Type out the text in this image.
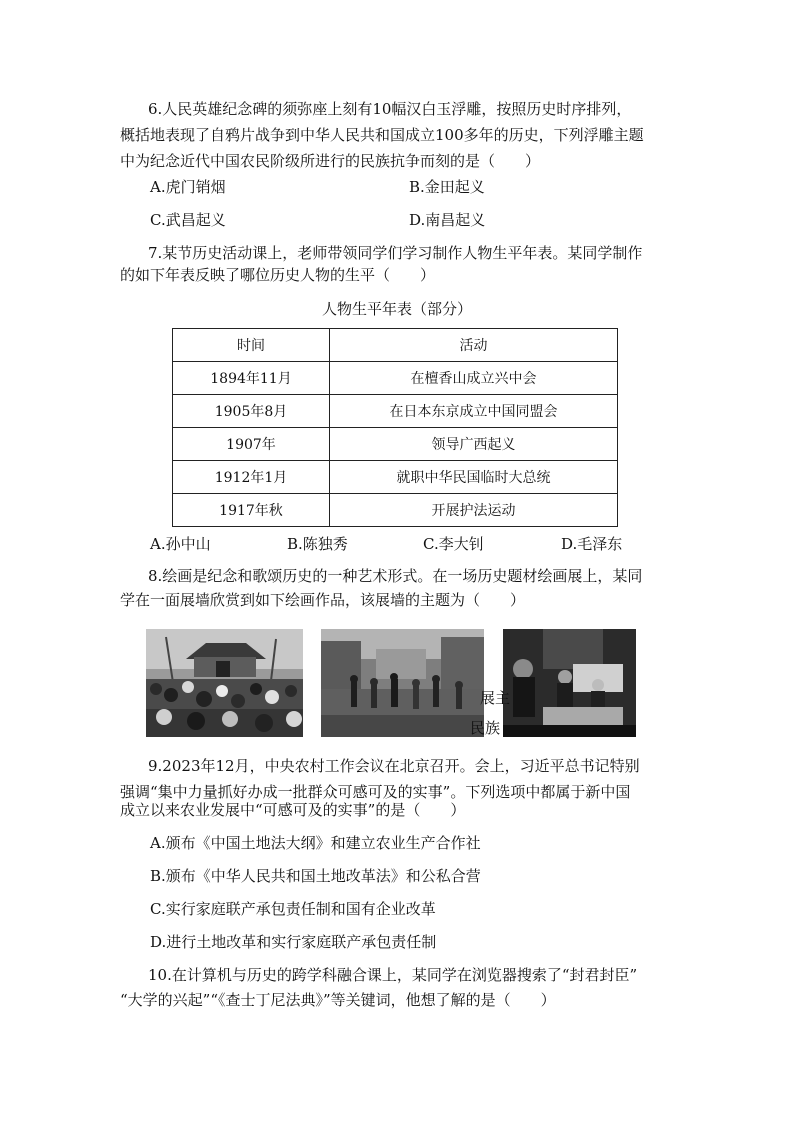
6.人民英雄纪念碑的须弥座上刻有10幅汉白玉浮雕，按照历史时序排列，
概括地表现了自鸦片战争到中华人民共和国成立100多年的历史，下列浮雕主题
中为纪念近代中国农民阶级所进行的民族抗争而刻的是（　　）
A.虎门销烟	B.金田起义
C.武昌起义	D.南昌起义
7.某节历史活动课上，老师带领同学们学习制作人物生平年表。某同学制作
的如下年表反映了哪位历史人物的生平（　　）
人物生平年表（部分）
时间	活动
1894年11月	在檀香山成立兴中会
1905年8月	在日本东京成立中国同盟会
1907年	领导广西起义
1912年1月	就职中华民国临时大总统
1917年秋	开展护法运动
A.孙中山	B.陈独秀	C.李大钊	D.毛泽东
8.绘画是纪念和歌颂历史的一种艺术形式。在一场历史题材绘画展上，某同
学在一面展墙欣赏到如下绘画作品，该展墙的主题为（　　）
展主
民族
9.2023年12月，中央农村工作会议在北京召开。会上，习近平总书记特别
强调“集中力量抓好办成一批群众可感可及的实事”。下列选项中都属于新中国
成立以来农业发展中“可感可及的实事”的是（　　）
A.颁布《中国土地法大纲》和建立农业生产合作社
B.颁布《中华人民共和国土地改革法》和公私合营
C.实行家庭联产承包责任制和国有企业改革
D.进行土地改革和实行家庭联产承包责任制
10.在计算机与历史的跨学科融合课上，某同学在浏览器搜索了“封君封臣”
“大学的兴起”“《查士丁尼法典》”等关键词，他想了解的是（　　）
